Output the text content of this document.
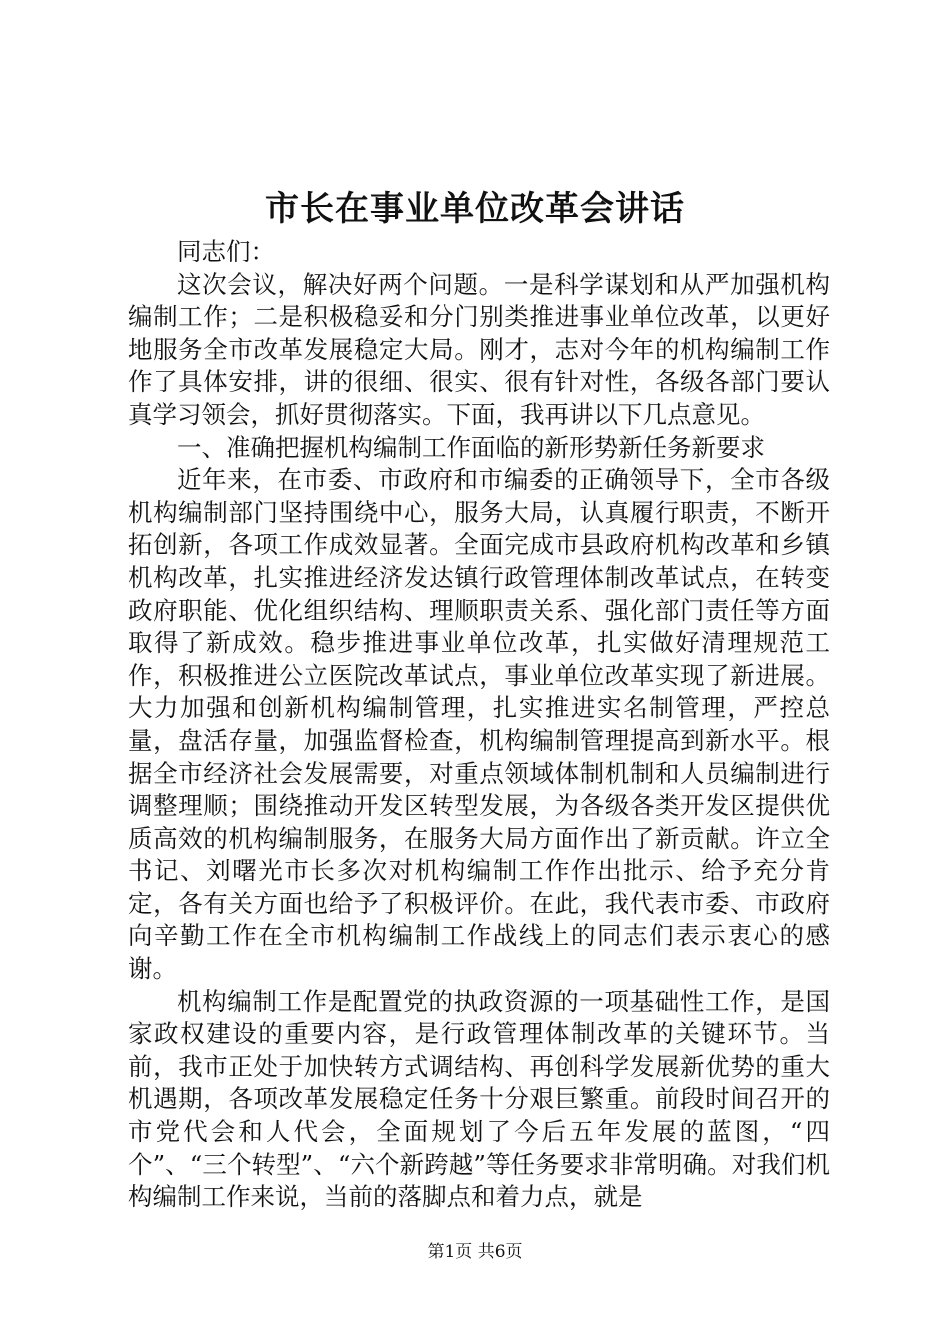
市长在事业单位改革会讲话

同志们：

这次会议，解决好两个问题。一是科学谋划和从严加强机构编制工作；二是积极稳妥和分门别类推进事业单位改革，以更好地服务全市改革发展稳定大局。刚才，志对今年的机构编制工作作了具体安排，讲的很细、很实、很有针对性，各级各部门要认真学习领会，抓好贯彻落实。下面，我再讲以下几点意见。

一、准确把握机构编制工作面临的新形势新任务新要求

近年来，在市委、市政府和市编委的正确领导下，全市各级机构编制部门坚持围绕中心，服务大局，认真履行职责，不断开拓创新，各项工作成效显著。全面完成市县政府机构改革和乡镇机构改革，扎实推进经济发达镇行政管理体制改革试点，在转变政府职能、优化组织结构、理顺职责关系、强化部门责任等方面取得了新成效。稳步推进事业单位改革，扎实做好清理规范工作，积极推进公立医院改革试点，事业单位改革实现了新进展。大力加强和创新机构编制管理，扎实推进实名制管理，严控总量，盘活存量，加强监督检查，机构编制管理提高到新水平。根据全市经济社会发展需要，对重点领域体制机制和人员编制进行调整理顺；围绕推动开发区转型发展，为各级各类开发区提供优质高效的机构编制服务，在服务大局方面作出了新贡献。许立全书记、刘曙光市长多次对机构编制工作作出批示、给予充分肯定，各有关方面也给予了积极评价。在此，我代表市委、市政府向辛勤工作在全市机构编制工作战线上的同志们表示衷心的感谢。

机构编制工作是配置党的执政资源的一项基础性工作，是国家政权建设的重要内容，是行政管理体制改革的关键环节。当前，我市正处于加快转方式调结构、再创科学发展新优势的重大机遇期，各项改革发展稳定任务十分艰巨繁重。前段时间召开的市党代会和人代会，全面规划了今后五年发展的蓝图，“四个”、“三个转型”、“六个新跨越”等任务要求非常明确。对我们机构编制工作来说，当前的落脚点和着力点，就是

第1页 共6页
